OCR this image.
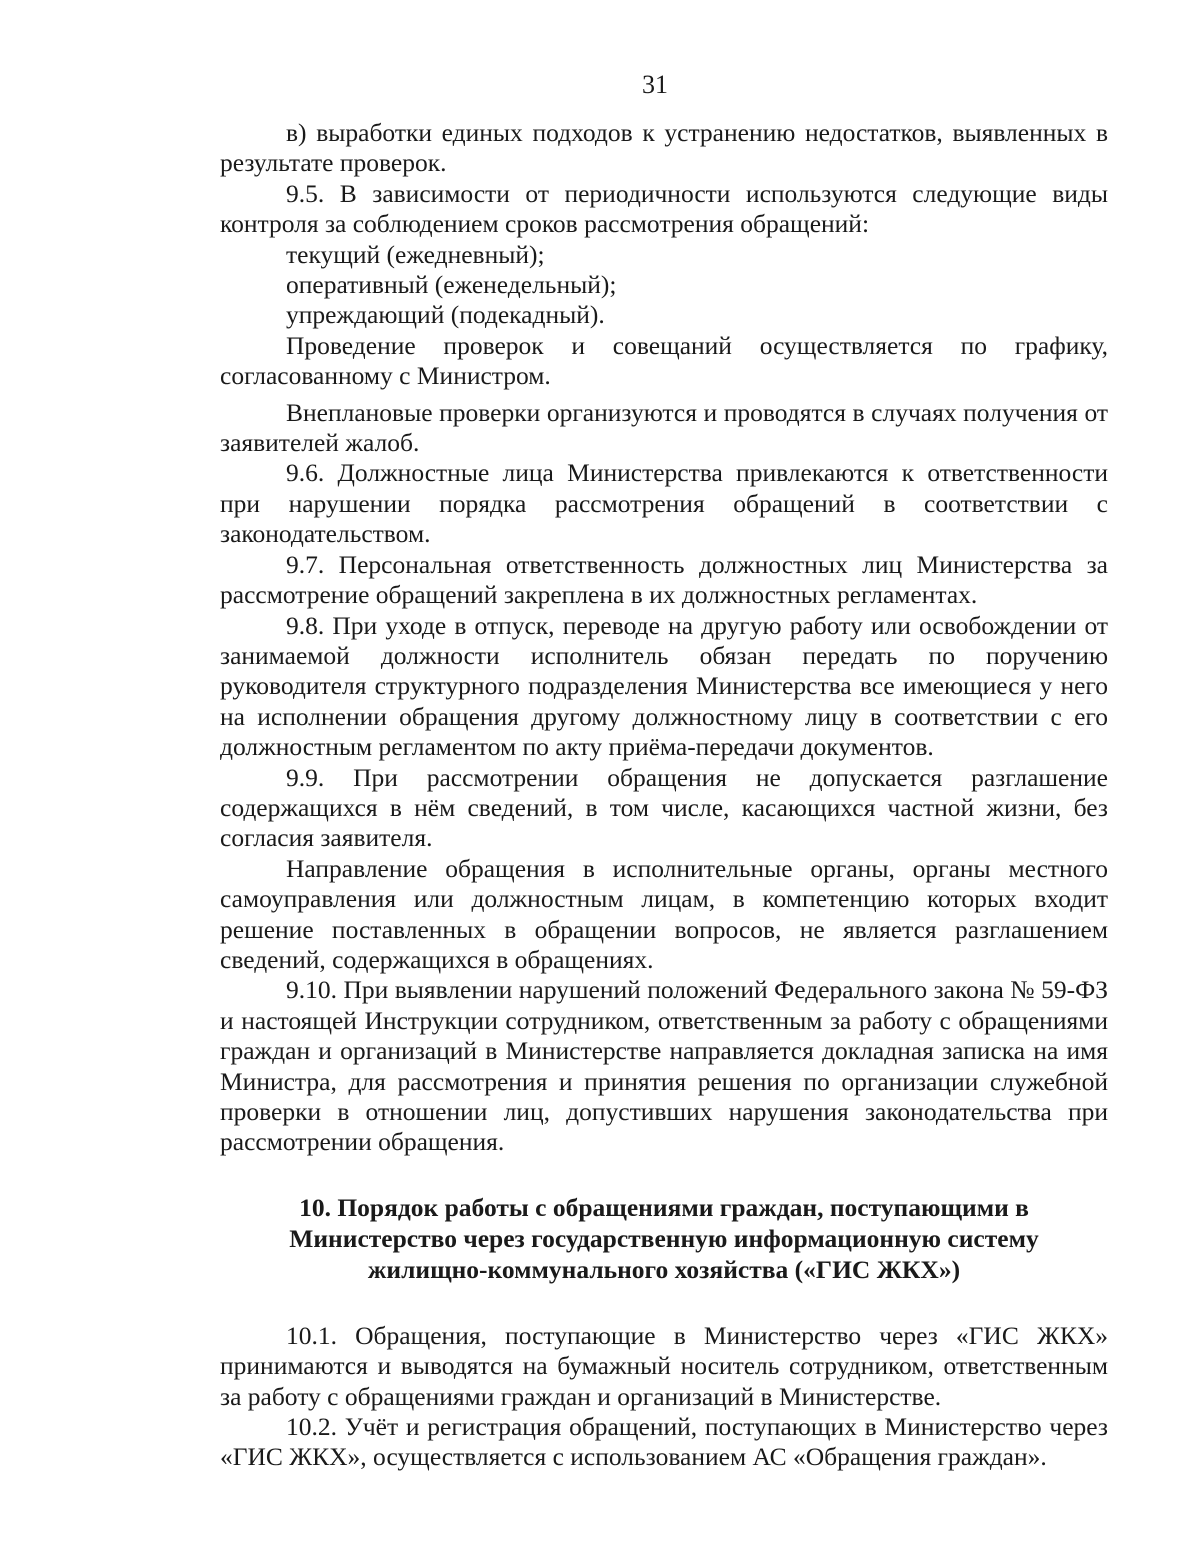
31

в) выработки единых подходов к устранению недостатков, выявленных в результате проверок.

9.5. В зависимости от периодичности используются следующие виды контроля за соблюдением сроков рассмотрения обращений:

текущий (ежедневный);

оперативный (еженедельный);

упреждающий (подекадный).

Проведение проверок и совещаний осуществляется по графику, согласованному с Министром.

Внеплановые проверки организуются и проводятся в случаях получения от заявителей жалоб.

9.6. Должностные лица Министерства привлекаются к ответственности при нарушении порядка рассмотрения обращений в соответствии с законодательством.

9.7. Персональная ответственность должностных лиц Министерства за рассмотрение обращений закреплена в их должностных регламентах.

9.8. При уходе в отпуск, переводе на другую работу или освобождении от занимаемой должности исполнитель обязан передать по поручению руководителя структурного подразделения Министерства все имеющиеся у него на исполнении обращения другому должностному лицу в соответствии с его должностным регламентом по акту приёма-передачи документов.

9.9. При рассмотрении обращения не допускается разглашение содержащихся в нём сведений, в том числе, касающихся частной жизни, без согласия заявителя.

Направление обращения в исполнительные органы, органы местного самоуправления или должностным лицам, в компетенцию которых входит решение поставленных в обращении вопросов, не является разглашением сведений, содержащихся в обращениях.

9.10. При выявлении нарушений положений Федерального закона № 59-ФЗ и настоящей Инструкции сотрудником, ответственным за работу с обращениями граждан и организаций в Министерстве направляется докладная записка на имя Министра, для рассмотрения и принятия решения по организации служебной проверки в отношении лиц, допустивших нарушения законодательства при рассмотрении обращения.

10. Порядок работы с обращениями граждан, поступающими в Министерство через государственную информационную систему жилищно-коммунального хозяйства («ГИС ЖКХ»)

10.1. Обращения, поступающие в Министерство через «ГИС ЖКХ» принимаются и выводятся на бумажный носитель сотрудником, ответственным за работу с обращениями граждан и организаций в Министерстве.

10.2. Учёт и регистрация обращений, поступающих в Министерство через «ГИС ЖКХ», осуществляется с использованием АС «Обращения граждан».
